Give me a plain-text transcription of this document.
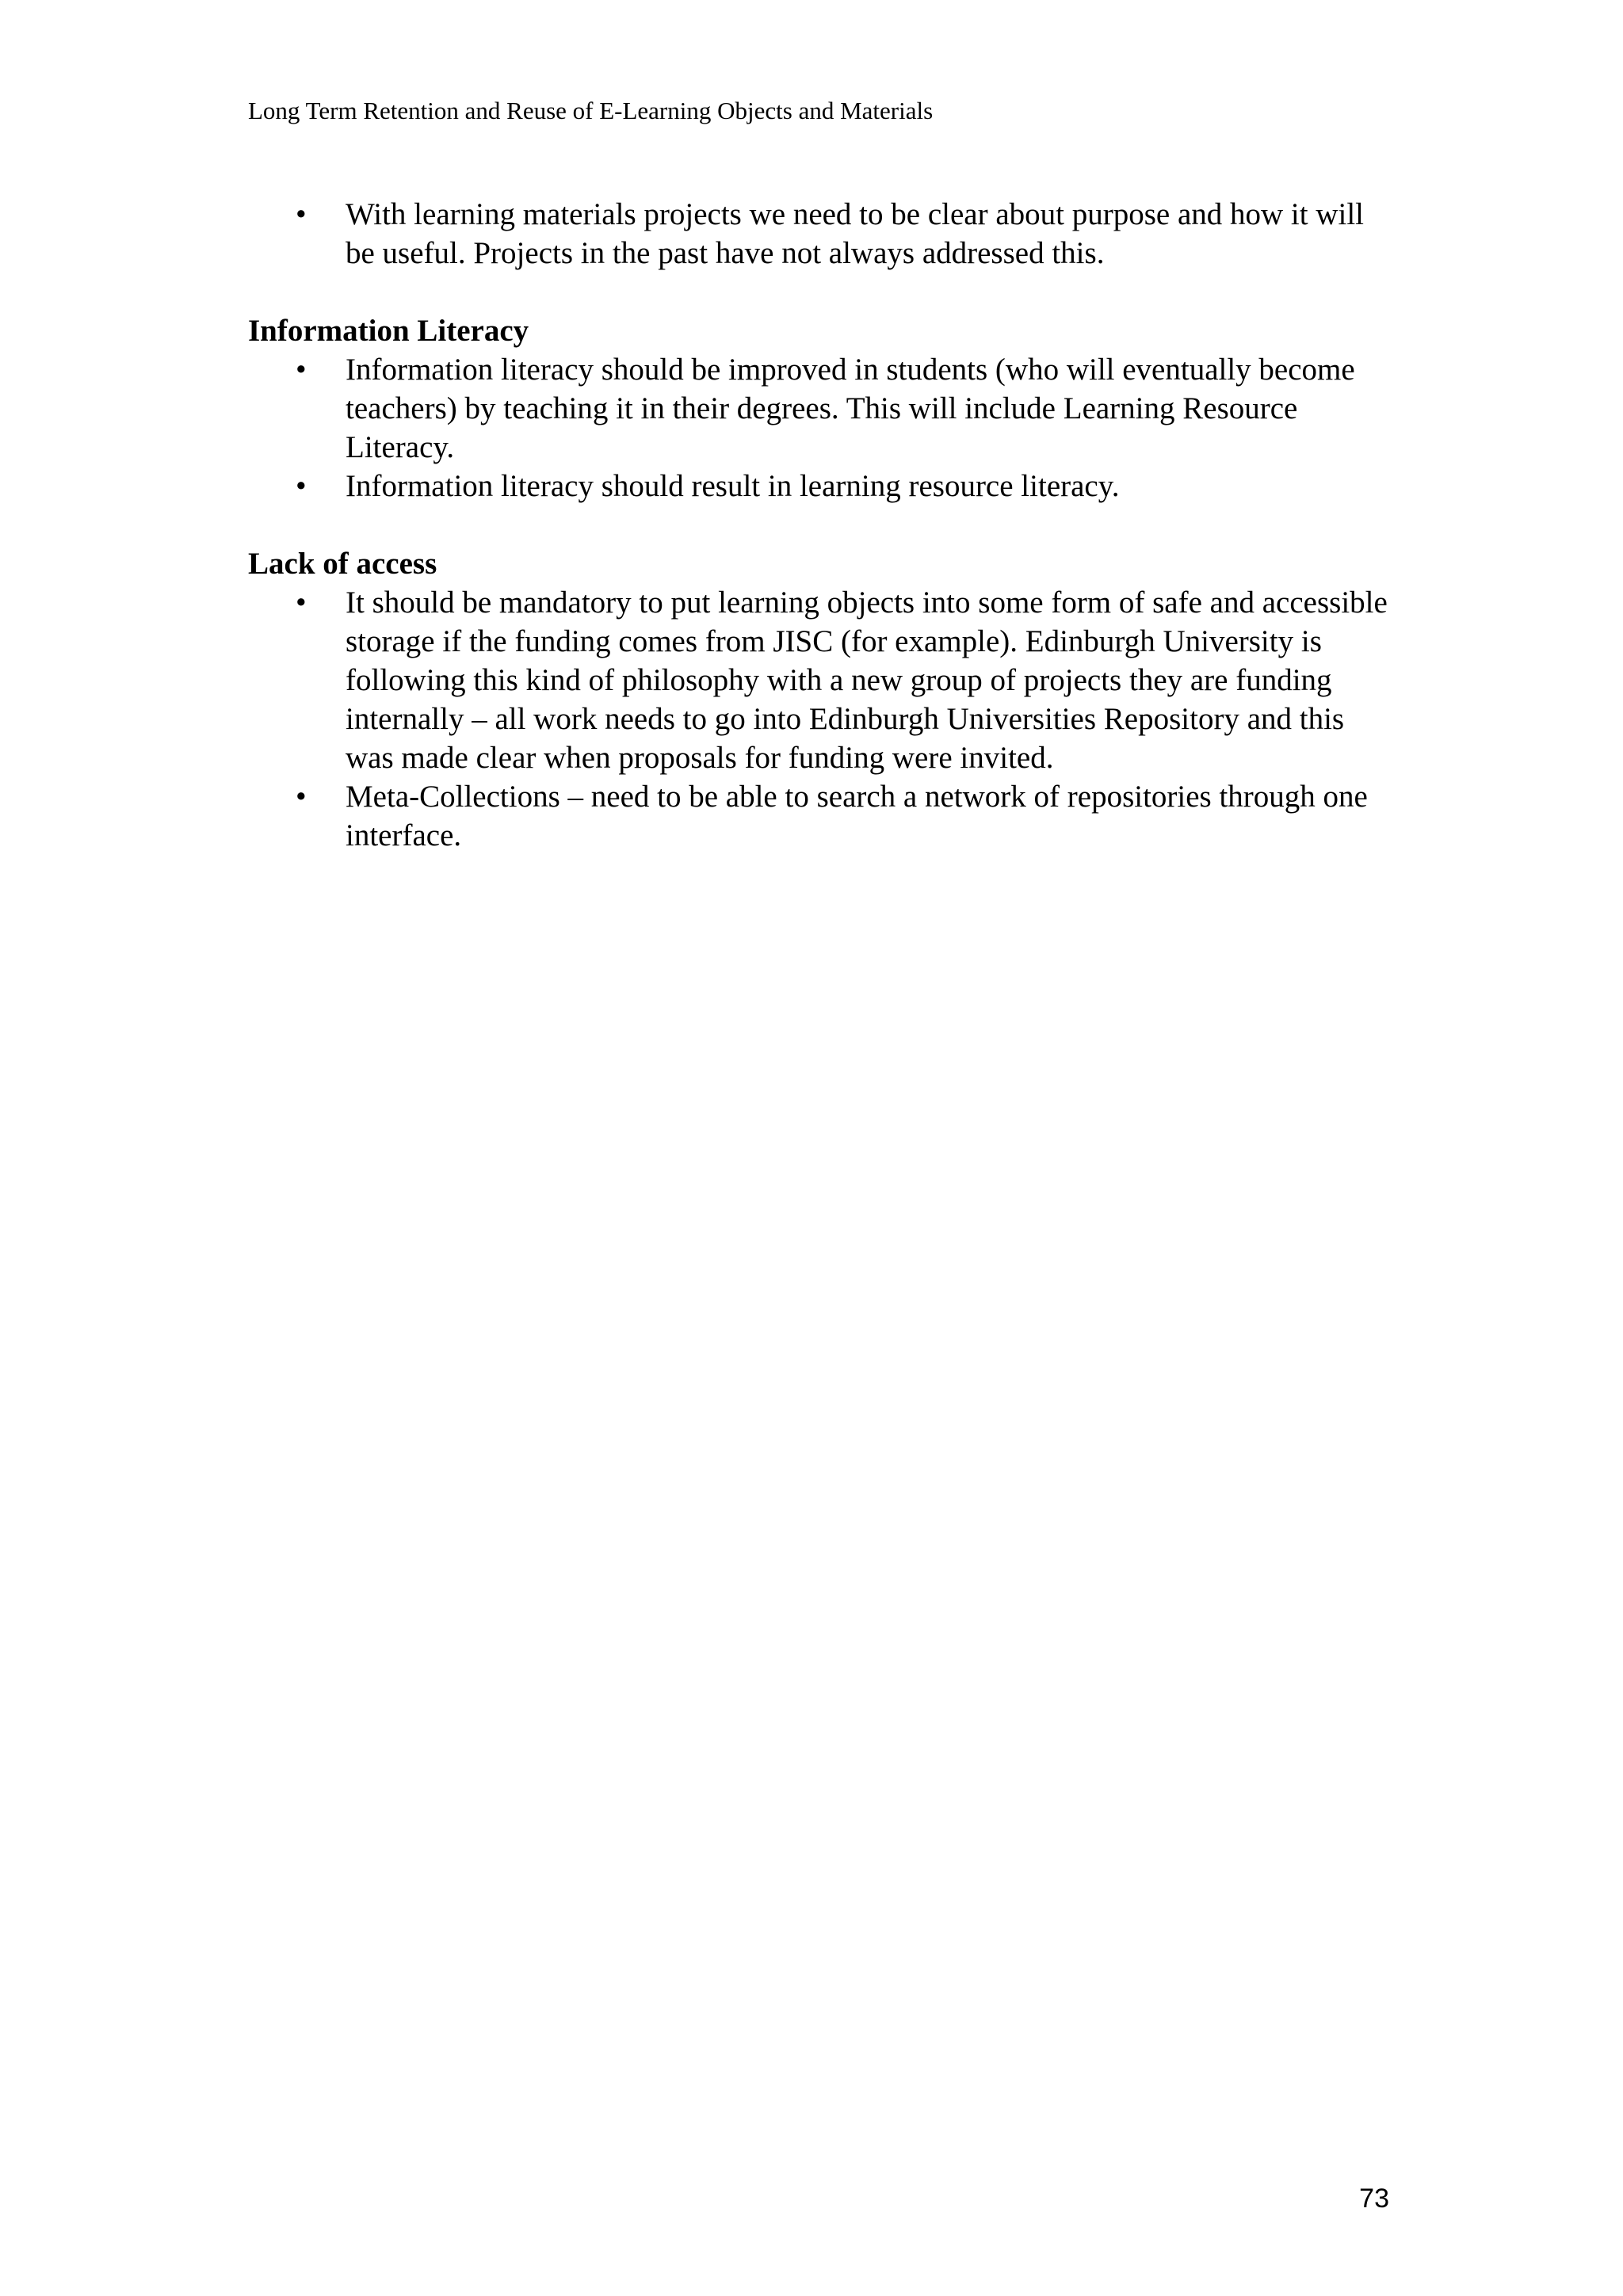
Long Term Retention and Reuse of E-Learning Objects and Materials
• With learning materials projects we need to be clear about purpose and how it will be useful. Projects in the past have not always addressed this.
Information Literacy
• Information literacy should be improved in students (who will eventually become teachers) by teaching it in their degrees. This will include Learning Resource Literacy.
• Information literacy should result in learning resource literacy.
Lack of access
• It should be mandatory to put learning objects into some form of safe and accessible storage if the funding comes from JISC (for example). Edinburgh University is following this kind of philosophy with a new group of projects they are funding internally – all work needs to go into Edinburgh Universities Repository and this was made clear when proposals for funding were invited.
• Meta-Collections – need to be able to search a network of repositories through one interface.
73
